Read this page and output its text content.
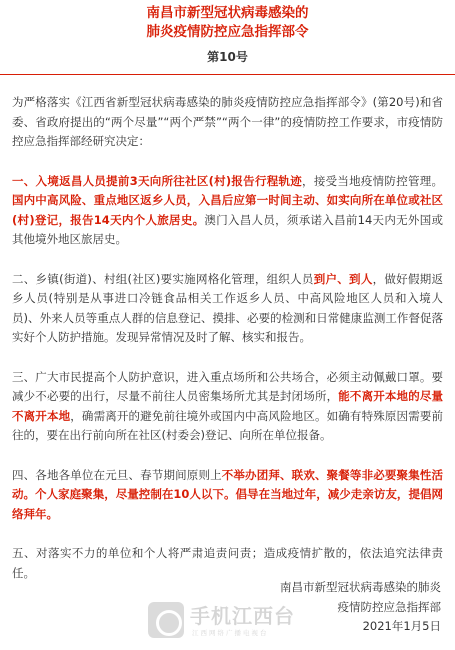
南昌市新型冠状病毒感染的
肺炎疫情防控应急指挥部令
第10号

为严格落实《江西省新型冠状病毒感染的肺炎疫情防控应急指挥部令》(第20号)和省委、省政府提出的“两个尽量”“两个严禁”“两个一律”的疫情防控工作要求，市疫情防控应急指挥部经研究决定：

一、入境返昌人员提前3天向所往社区(村)报告行程轨迹，接受当地疫情防控管理。国内中高风险、重点地区返乡人员，入昌后应第一时间主动、如实向所在单位或社区(村)登记，报告14天内个人旅居史。澳门入昌人员，须承诺入昌前14天内无外国或其他境外地区旅居史。

二、乡镇(街道)、村组(社区)要实施网格化管理，组织人员到户、到人，做好假期返乡人员(特别是从事进口冷链食品相关工作返乡人员、中高风险地区人员和入境人员)、外来人员等重点人群的信息登记、摸排、必要的检测和日常健康监测工作督促落实好个人防护措施。发现异常情况及时了解、核实和报告。

三、广大市民提高个人防护意识，进入重点场所和公共场合，必须主动佩戴口罩。要减少不必要的出行，尽量不前往人员密集场所尤其是封闭场所，能不离开本地的尽量不离开本地，确需离开的避免前往境外或国内中高风险地区。如确有特殊原因需要前往的，要在出行前向所在社区(村委会)登记、向所在单位报备。

四、各地各单位在元旦、春节期间原则上不举办团拜、联欢、聚餐等非必要聚集性活动。个人家庭聚集，尽量控制在10人以下。倡导在当地过年，减少走亲访友，提倡网络拜年。

五、对落实不力的单位和个人将严肃追责问责；造成疫情扩散的，依法追究法律责任。

南昌市新型冠状病毒感染的肺炎
疫情防控应急指挥部
2021年1月5日
手机江西台
江西网络广播电视台
